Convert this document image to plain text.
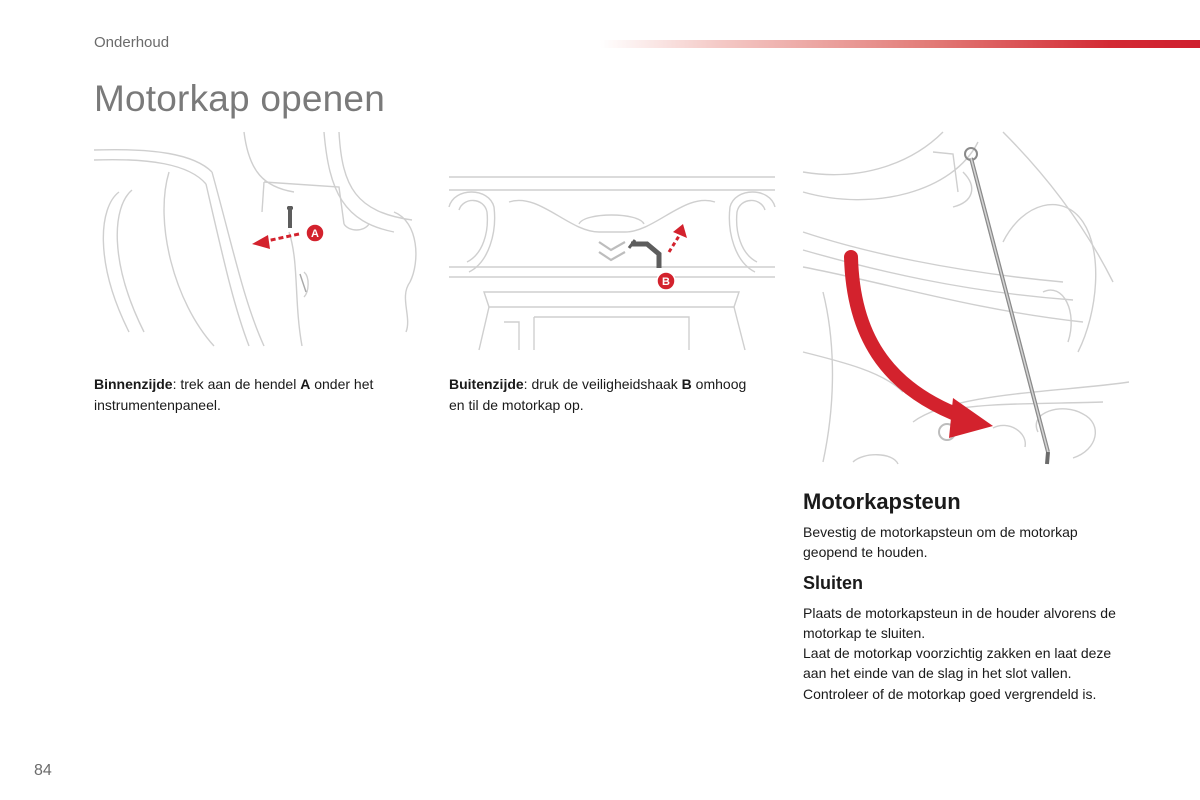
Onderhoud
Motorkap openen
A
B
Binnenzijde: trek aan de hendel A onder het instrumentenpaneel.
Buitenzijde: druk de veiligheidshaak B omhoog en til de motorkap op.
Motorkapsteun
Bevestig de motorkapsteun om de motorkap geopend te houden.
Sluiten
Plaats de motorkapsteun in de houder alvorens de motorkap te sluiten.
Laat de motorkap voorzichtig zakken en laat deze aan het einde van de slag in het slot vallen. Controleer of de motorkap goed vergrendeld is.
84
